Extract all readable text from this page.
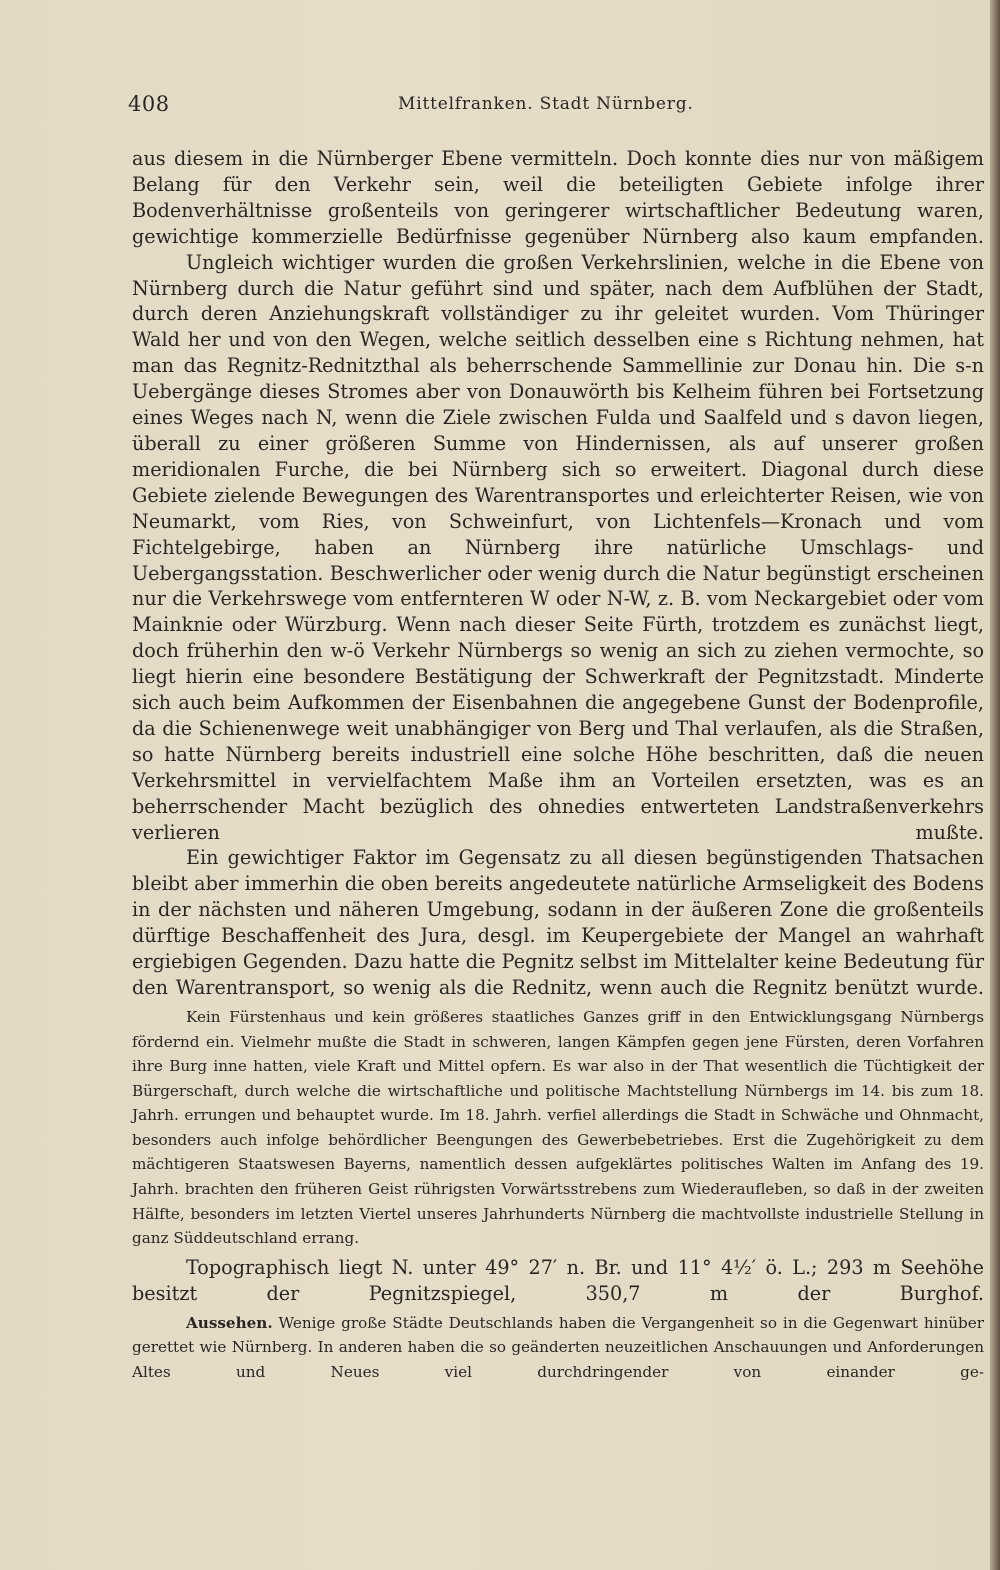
408	Mittelfranken. Stadt Nürnberg.

aus diesem in die Nürnberger Ebene vermitteln. Doch konnte dies nur von mäßigem Belang für den Verkehr sein, weil die beteiligten Gebiete infolge ihrer Bodenverhältnisse großenteils von geringerer wirtschaftlicher Bedeutung waren, gewichtige kommerzielle Bedürfnisse gegenüber Nürnberg also kaum empfanden.

Ungleich wichtiger wurden die großen Verkehrslinien, welche in die Ebene von Nürnberg durch die Natur geführt sind und später, nach dem Aufblühen der Stadt, durch deren Anziehungskraft vollständiger zu ihr geleitet wurden. Vom Thüringer Wald her und von den Wegen, welche seitlich desselben eine s Richtung nehmen, hat man das Regnitz-Rednitzthal als beherrschende Sammellinie zur Donau hin. Die s-n Uebergänge dieses Stromes aber von Donauwörth bis Kelheim führen bei Fortsetzung eines Weges nach N, wenn die Ziele zwischen Fulda und Saalfeld und s davon liegen, überall zu einer größeren Summe von Hindernissen, als auf unserer großen meridionalen Furche, die bei Nürnberg sich so erweitert. Diagonal durch diese Gebiete zielende Bewegungen des Warentransportes und erleichterter Reisen, wie von Neumarkt, vom Ries, von Schweinfurt, von Lichtenfels—Kronach und vom Fichtelgebirge, haben an Nürnberg ihre natürliche Umschlags- und Uebergangsstation. Beschwerlicher oder wenig durch die Natur begünstigt erscheinen nur die Verkehrswege vom entfernteren W oder N-W, z. B. vom Neckargebiet oder vom Mainknie oder Würzburg. Wenn nach dieser Seite Fürth, trotzdem es zunächst liegt, doch früherhin den w-ö Verkehr Nürnbergs so wenig an sich zu ziehen vermochte, so liegt hierin eine besondere Bestätigung der Schwerkraft der Pegnitzstadt. Minderte sich auch beim Aufkommen der Eisenbahnen die angegebene Gunst der Bodenprofile, da die Schienenwege weit unabhängiger von Berg und Thal verlaufen, als die Straßen, so hatte Nürnberg bereits industriell eine solche Höhe beschritten, daß die neuen Verkehrsmittel in vervielfachtem Maße ihm an Vorteilen ersetzten, was es an beherrschender Macht bezüglich des ohnedies entwerteten Landstraßenverkehrs verlieren mußte.

Ein gewichtiger Faktor im Gegensatz zu all diesen begünstigenden Thatsachen bleibt aber immerhin die oben bereits angedeutete natürliche Armseligkeit des Bodens in der nächsten und näheren Umgebung, sodann in der äußeren Zone die großenteils dürftige Beschaffenheit des Jura, desgl. im Keupergebiete der Mangel an wahrhaft ergiebigen Gegenden. Dazu hatte die Pegnitz selbst im Mittelalter keine Bedeutung für den Warentransport, so wenig als die Rednitz, wenn auch die Regnitz benützt wurde.

Kein Fürstenhaus und kein größeres staatliches Ganzes griff in den Entwicklungsgang Nürnbergs fördernd ein. Vielmehr mußte die Stadt in schweren, langen Kämpfen gegen jene Fürsten, deren Vorfahren ihre Burg inne hatten, viele Kraft und Mittel opfern. Es war also in der That wesentlich die Tüchtigkeit der Bürgerschaft, durch welche die wirtschaftliche und politische Machtstellung Nürnbergs im 14. bis zum 18. Jahrh. errungen und behauptet wurde. Im 18. Jahrh. verfiel allerdings die Stadt in Schwäche und Ohnmacht, besonders auch infolge behördlicher Beengungen des Gewerbebetriebes. Erst die Zugehörigkeit zu dem mächtigeren Staatswesen Bayerns, namentlich dessen aufgeklärtes politisches Walten im Anfang des 19. Jahrh. brachten den früheren Geist rührigsten Vorwärtsstrebens zum Wiederaufleben, so daß in der zweiten Hälfte, besonders im letzten Viertel unseres Jahrhunderts Nürnberg die machtvollste industrielle Stellung in ganz Süddeutschland errang.

Topographisch liegt N. unter 49° 27′ n. Br. und 11° 4½′ ö. L.; 293 m Seehöhe besitzt der Pegnitzspiegel, 350,7 m der Burghof.

Aussehen. Wenige große Städte Deutschlands haben die Vergangenheit so in die Gegenwart hinüber gerettet wie Nürnberg. In anderen haben die so geänderten neuzeitlichen Anschauungen und Anforderungen Altes und Neues viel durchdringender von einander ge-
